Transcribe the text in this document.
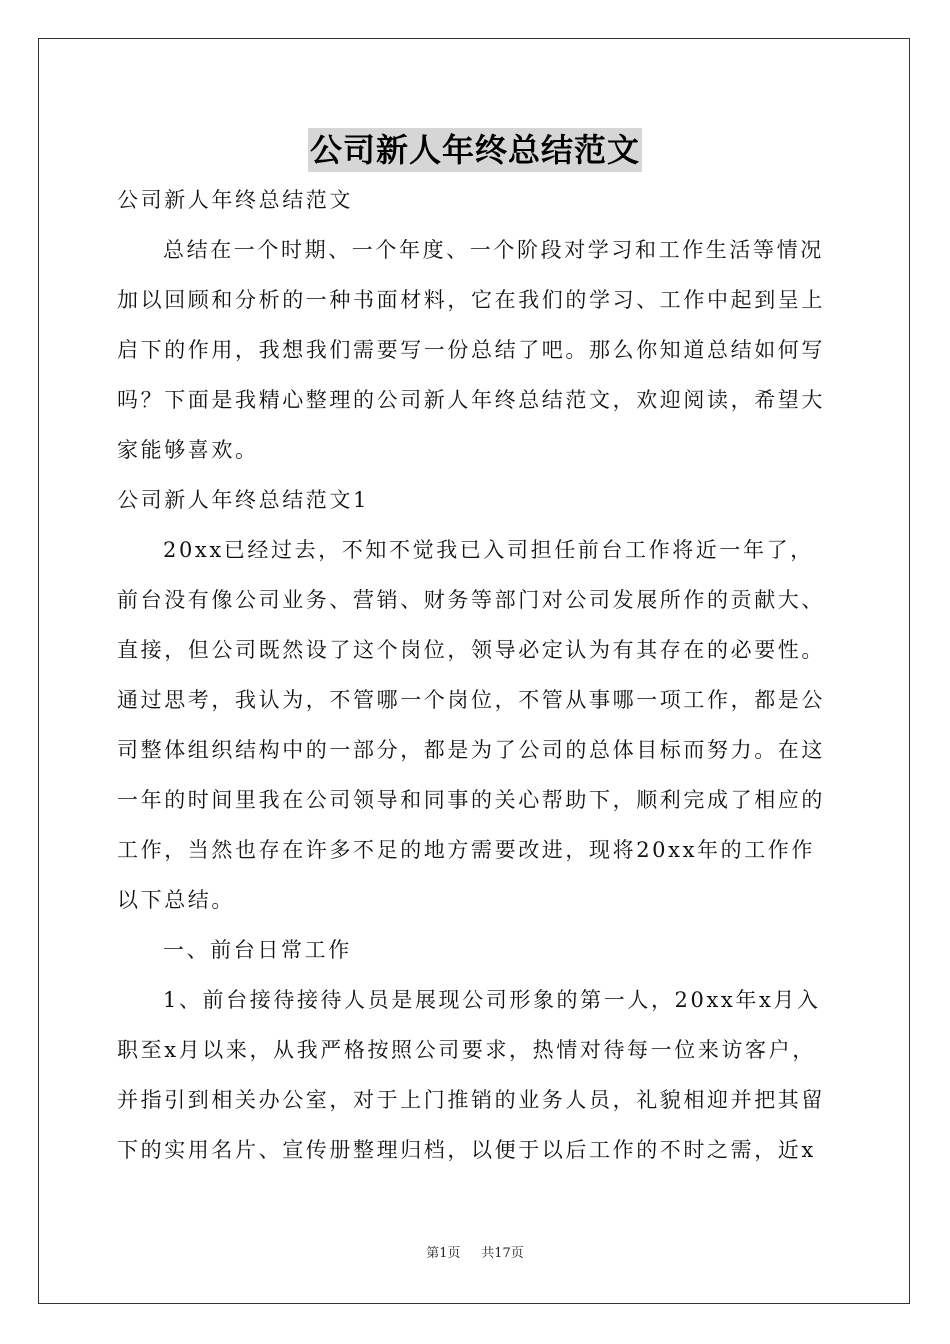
公司新人年终总结范文
公司新人年终总结范文
总结在一个时期、一个年度、一个阶段对学习和工作生活等情况
加以回顾和分析的一种书面材料，它在我们的学习、工作中起到呈上
启下的作用，我想我们需要写一份总结了吧。那么你知道总结如何写
吗？下面是我精心整理的公司新人年终总结范文，欢迎阅读，希望大
家能够喜欢。
公司新人年终总结范文1
20xx已经过去，不知不觉我已入司担任前台工作将近一年了，
前台没有像公司业务、营销、财务等部门对公司发展所作的贡献大、
直接，但公司既然设了这个岗位，领导必定认为有其存在的必要性。
通过思考，我认为，不管哪一个岗位，不管从事哪一项工作，都是公
司整体组织结构中的一部分，都是为了公司的总体目标而努力。在这
一年的时间里我在公司领导和同事的关心帮助下，顺利完成了相应的
工作，当然也存在许多不足的地方需要改进，现将20xx年的工作作
以下总结。
一、前台日常工作
1、前台接待接待人员是展现公司形象的第一人，20xx年x月入
职至x月以来，从我严格按照公司要求，热情对待每一位来访客户，
并指引到相关办公室，对于上门推销的业务人员，礼貌相迎并把其留
下的实用名片、宣传册整理归档，以便于以后工作的不时之需，近x
第1页 共17页
